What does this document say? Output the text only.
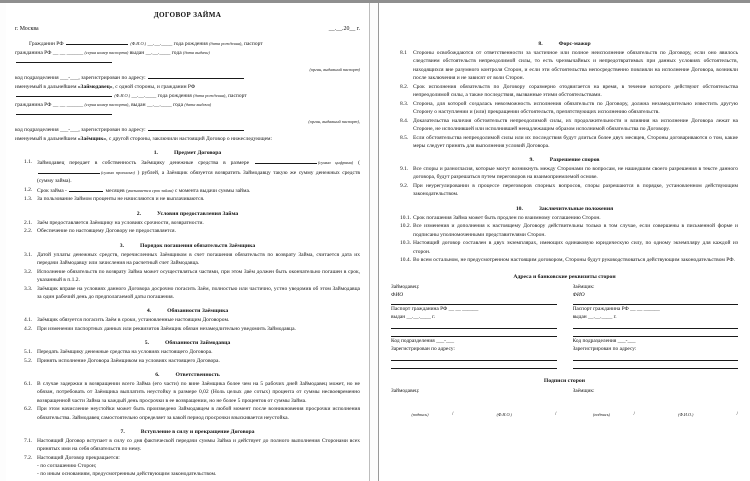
ДОГОВОР ЗАЙМА
г. Москва	__.__.20__ г.
Гражданин РФ	(Ф.И.О.) __.__.____ года рождения (дата рождения), паспорт
гражданина РФ __ __ ______ (серия номер паспорта) выдан __.__.____ года (дата выдачи)
(орган, выдавший паспорт)
код подразделения ___-___, зарегистрирован по адресу:
именуемый в дальнейшем «Займодавец», с одной стороны, и гражданин РФ
(Ф.И.О.) __.__.____ года рождения (дата рождения), паспорт
гражданина РФ __ __ ______ (серия номер паспорта), выдан __.__.____ года (дата выдачи)
(орган, выдавший паспорт),
код подразделения ___-___, зарегистрирован по адресу:
именуемый в дальнейшем «Заёмщик», с другой стороны, заключили настоящий Договор о нижеследующем:
1.	Предмет Договора
1.1. Займодавец передает в собственность Заёмщику денежные средства в размере	(сумма цифрами) ((сумма прописью) ) рублей, а Заёмщик обязуется возвратить Займодавцу такую же сумму денежных средств (сумму займа).
1.2. Срок займа -	месяцев (указывается срок займа) с момента выдачи суммы займа.
1.3. За пользование Займом проценты не начисляются и не выплачиваются.
2.	Условия предоставления Займа
2.1. Заём предоставляется Заёмщику на условиях срочности, возвратности.
2.2. Обеспечение по настоящему Договору не предоставляется.
3.	Порядок погашения обязательств Заёмщика
3.1. Датой уплаты денежных средств, перечисленных Заёмщиком в счет погашения обязательств по возврату Займа, считается дата их передачи Займодавцу или зачисления на расчетный счет Займодавца.
3.2. Исполнение обязательств по возврату Займа может осуществляться частями, при этом Заём должен быть окончательно погашен в срок, указанный в п.1.2.
3.3. Заёмщик вправе на условиях данного Договора досрочно погасить Заём, полностью или частично, устно уведомив об этом Займодавца за один рабочий день до предполагаемой даты погашения.
4.	Обязанности Заёмщика
4.1. Заёмщик обязуется погасить Заём в сроки, установленные настоящим Договором.
4.2. При изменении паспортных данных или реквизитов Заёмщик обязан незамедлительно уведомить Займодавца.
5.	Обязанности Займодавца
5.1. Передать Заёмщику денежные средства на условиях настоящего Договора.
5.2. Принять исполнение Договора Заёмщиком на условиях настоящего Договора.
6.	Ответственность
6.1. В случае задержки в возвращении всего Займа (его части) по вине Заёмщика более чем на 5 рабочих дней Займодавец может, но не обязан, потребовать от Заёмщика выплатить неустойку в размере 0,02 (Ноль целых две сотых) процента от суммы несвоевременно возвращенной части Займа за каждый день просрочки в ее возвращении, но не более 5 процентов от суммы Займа.
6.2. При этом начисление неустойки может быть произведено Займодавцем в любой момент после возникновения просрочки исполнения обязательства. Займодавец самостоятельно определяет за какой период просрочки взыскивается неустойка.
7.	Вступление в силу и прекращение Договора
7.1. Настоящий Договор вступает в силу со дня фактической передачи суммы Займа и действует до полного выполнения Сторонами всех принятых ими на себя обязательств по нему.
7.2. Настоящий Договор прекращается:
- по соглашению Сторон;
- по иным основаниям, предусмотренным действующим законодательством.
8.	Форс-мажор
8.1	Стороны освобождаются от ответственности за частичное или полное неисполнение обязательств по Договору, если оно явилось следствием обстоятельств непреодолимой силы, то есть чрезвычайных и непредотвратимых при данных условиях обстоятельств, находящихся вне разумного контроля Сторон, и если эти обстоятельства непосредственно повлияли на исполнение Договора, возникли после заключения и не зависят от воли Сторон.
8.2. Срок исполнения обязательств по Договору соразмерно отодвигается на время, в течение которого действуют обстоятельства непреодолимой силы, а также последствия, вызванные этими обстоятельствами.
8.3. Сторона, для которой создалась невозможность исполнения обязательств по Договору, должна незамедлительно известить другую Сторону о наступлении и (или) прекращении обстоятельств, препятствующих исполнению обязательств.
8.4. Доказательства наличия обстоятельств непреодолимой силы, их продолжительности и влияния на исполнение Договора лежат на Стороне, не исполнившей или исполнившей ненадлежащим образом исполнимой обязательства по Договору.
8.5. Если обстоятельства непреодолимой силы или их последствия будут длиться более двух месяцев, Стороны договариваются о том, какие меры следует принять для выполнения условий Договора.
9.	Разрешение споров
9.1. Все споры и разногласия, которые могут возникнуть между Сторонами по вопросам, не нашедшим своего разрешения в тексте данного договора, будут разрешаться путем переговоров на взаимоприемлемой основе.
9.2. При неурегулировании в процессе переговоров спорных вопросов, споры разрешаются в порядке, установленном действующим законодательством.
10.	Заключительные положения
10.1. Срок погашения Займа может быть продлен по взаимному соглашению Сторон.
10.2. Все изменения и дополнения к настоящему Договору действительны только в том случае, если совершены в письменной форме и подписаны уполномоченными представителями Сторон.
10.3. Настоящий договор составлен в двух экземплярах, имеющих одинаковую юридическую силу, по одному экземпляру для каждой из сторон.
10.4. Во всем остальном, не предусмотренном настоящим договором, Стороны будут руководствоваться действующим законодательством РФ.
Адреса и банковские реквизиты сторон
Займодавец:
ФИО
Паспорт гражданина РФ __ __ ______
выдан __.__.____ г.
Код подразделения ___-___
Зарегистрирован по адресу:
Заёмщик:
ФИО
Паспорт гражданина РФ __ __ ______
выдан __.__.____ г.
Код подразделения ___-___
Зарегистрирован по адресу:
Подписи сторон
Займодавец:
(подпись)	/	(Ф.И.О.)	/
Заёмщик:
(подпись)	/	(Ф.И.О.)	/
